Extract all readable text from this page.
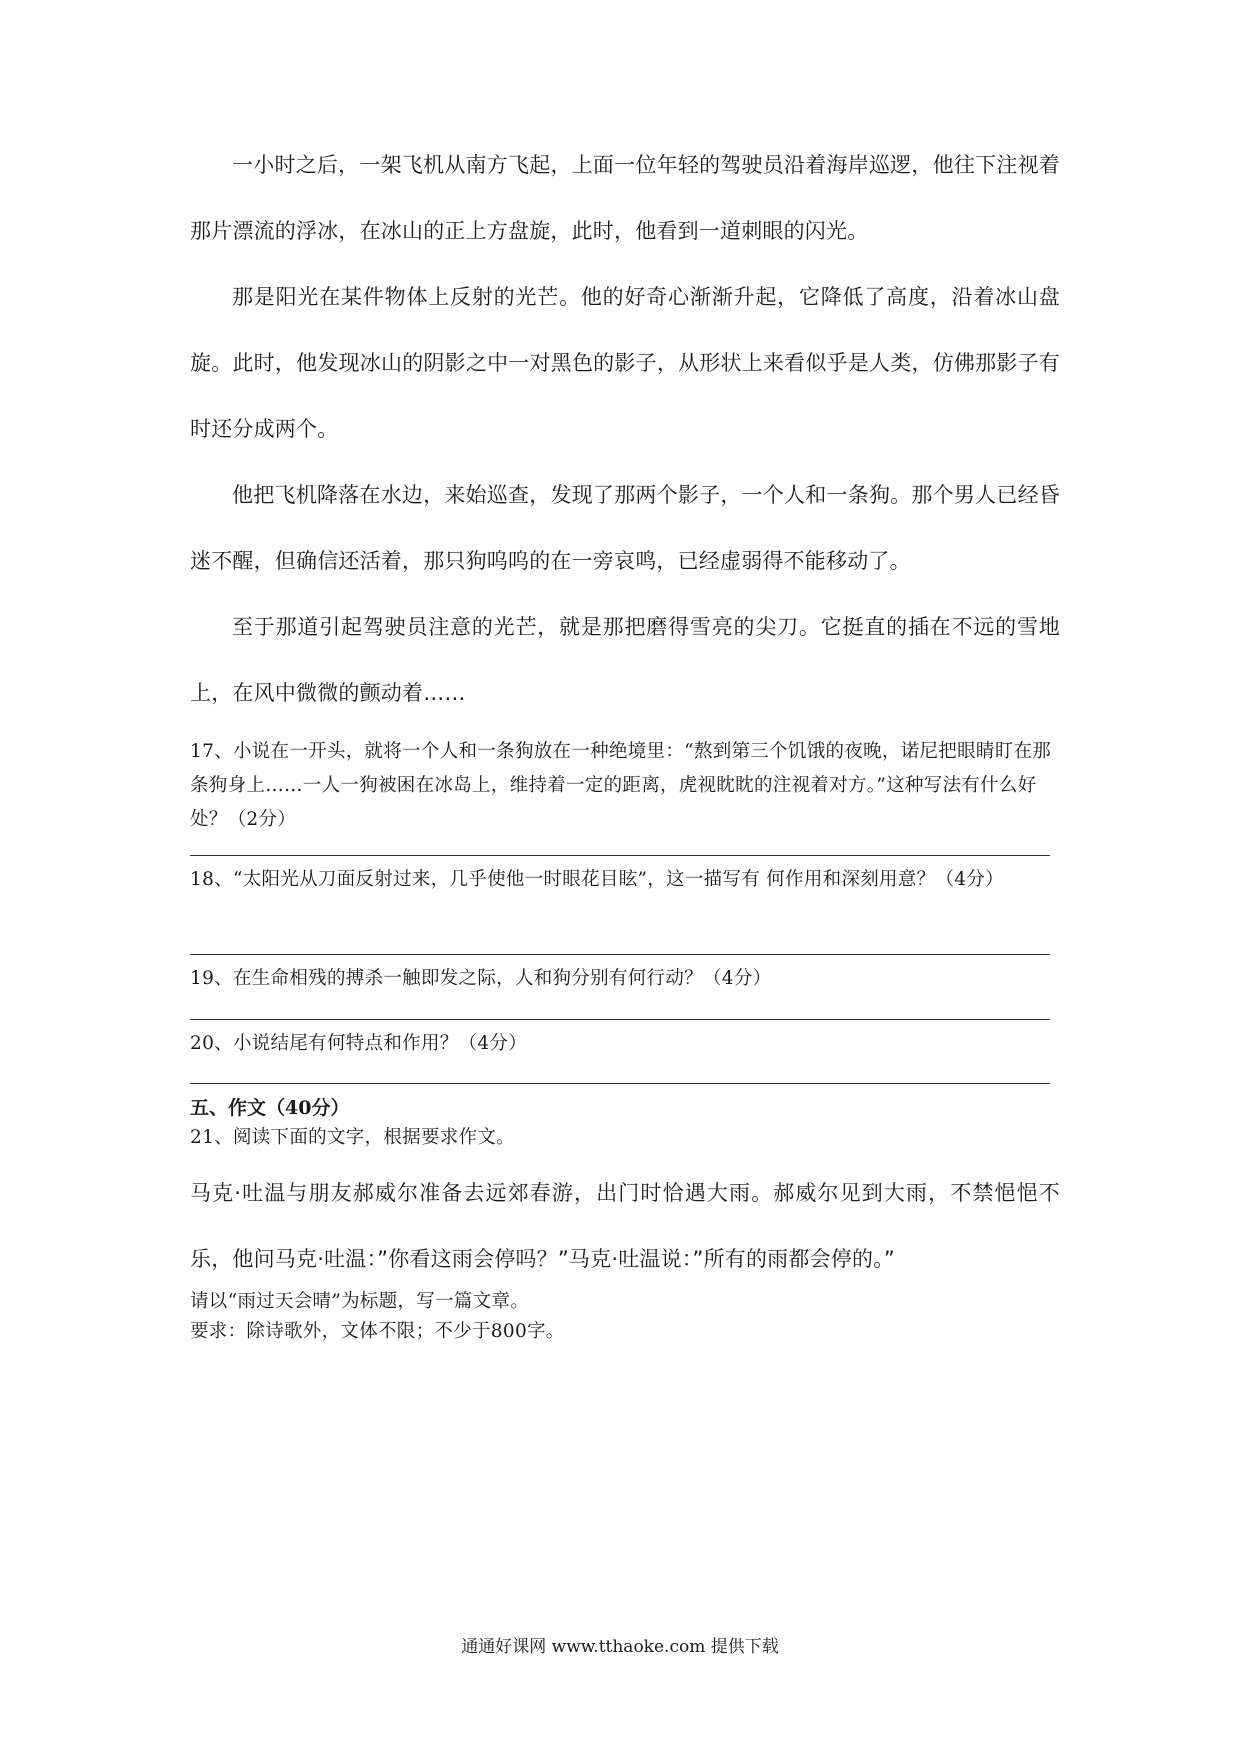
一小时之后，一架飞机从南方飞起，上面一位年轻的驾驶员沿着海岸巡逻，他往下注视着那片漂流的浮冰，在冰山的正上方盘旋，此时，他看到一道刺眼的闪光。

那是阳光在某件物体上反射的光芒。他的好奇心渐渐升起，它降低了高度，沿着冰山盘旋。此时，他发现冰山的阴影之中一对黑色的影子，从形状上来看似乎是人类，仿佛那影子有时还分成两个。

他把飞机降落在水边，来始巡查，发现了那两个影子，一个人和一条狗。那个男人已经昏迷不醒，但确信还活着，那只狗呜呜的在一旁哀鸣，已经虚弱得不能移动了。

至于那道引起驾驶员注意的光芒，就是那把磨得雪亮的尖刀。它挺直的插在不远的雪地上，在风中微微的颤动着……

17、小说在一开头，就将一个人和一条狗放在一种绝境里：“熬到第三个饥饿的夜晚，诺尼把眼睛盯在那条狗身上……一人一狗被困在冰岛上，维持着一定的距离，虎视眈眈的注视着对方。”这种写法有什么好处？（2分）

18、“太阳光从刀面反射过来，几乎使他一时眼花目眩”，这一描写有 何作用和深刻用意？（4分）

19、在生命相残的搏杀一触即发之际，人和狗分别有何行动？（4分）

20、小说结尾有何特点和作用？（4分）

五、作文（40分）

21、阅读下面的文字，根据要求作文。

马克·吐温与朋友郝威尔准备去远郊春游，出门时恰遇大雨。郝威尔见到大雨，不禁悒悒不乐，他问马克·吐温：”你看这雨会停吗？”马克·吐温说：”所有的雨都会停的。”

请以“雨过天会晴”为标题，写一篇文章。

要求：除诗歌外，文体不限；不少于800字。

通通好课网 www.tthaoke.com 提供下载
